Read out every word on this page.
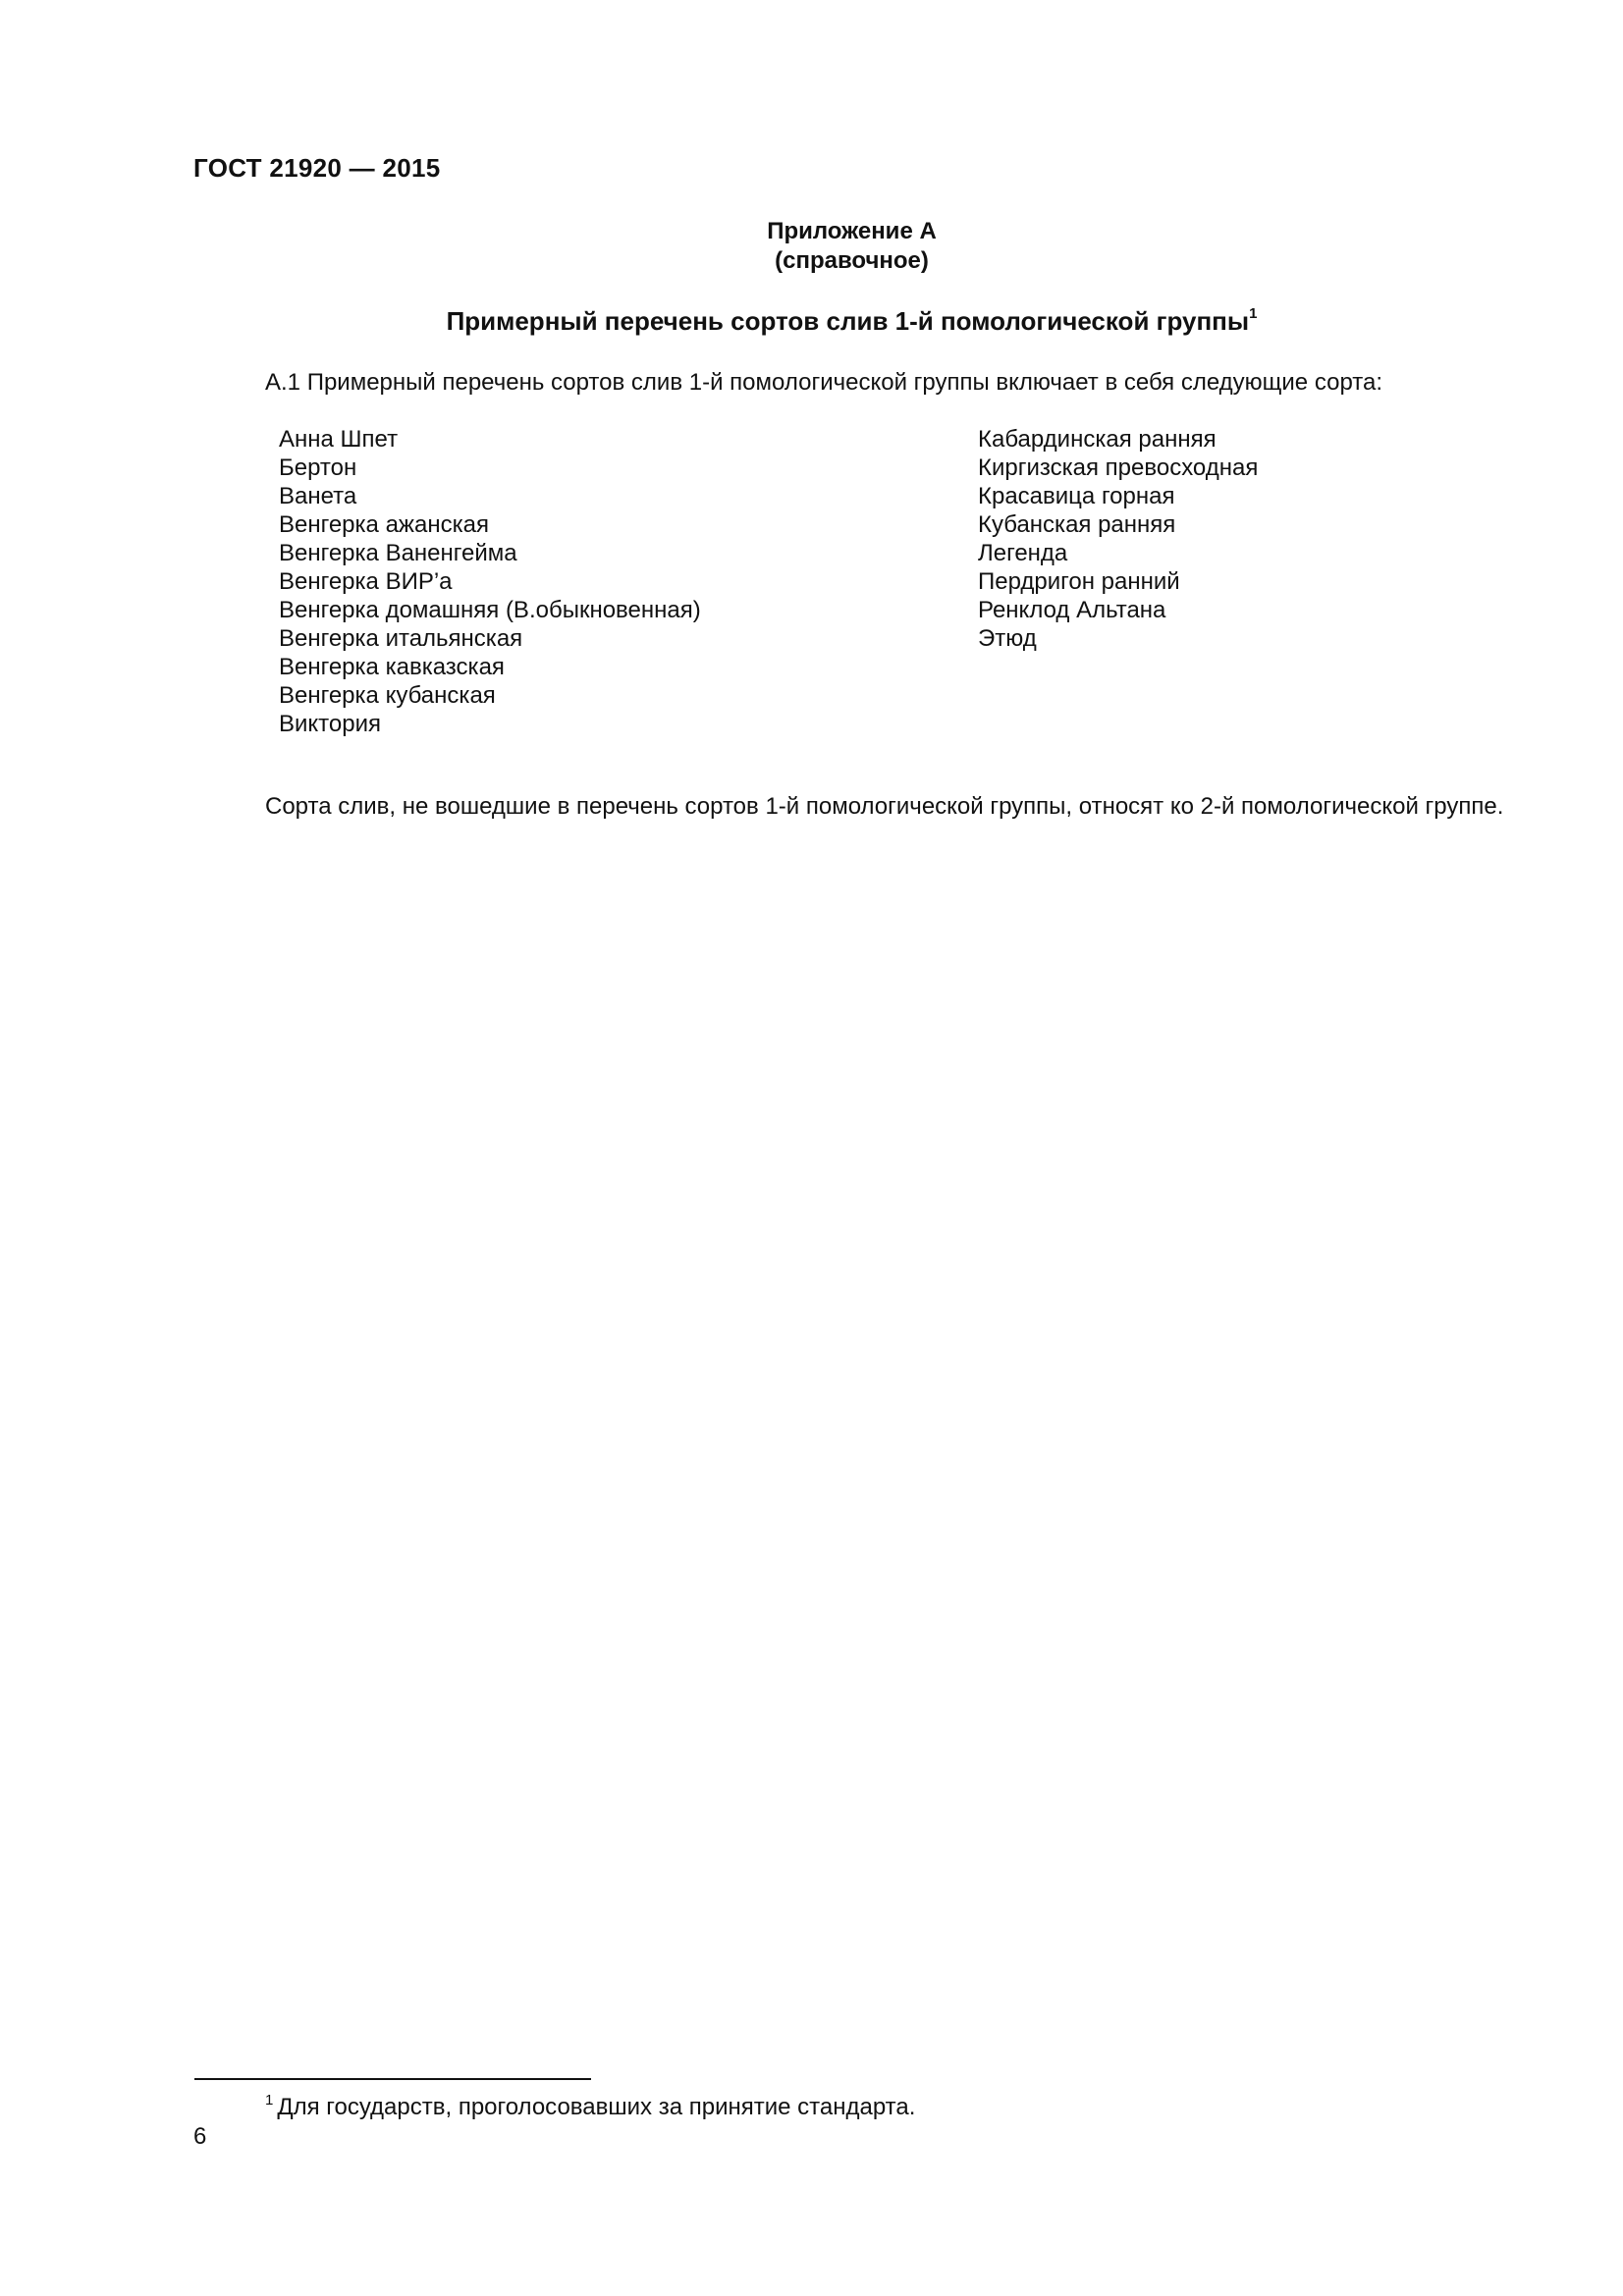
ГОСТ 21920 — 2015
Приложение А
(справочное)
Примерный перечень сортов слив 1-й помологической группы$^1$
А.1 Примерный перечень сортов слив 1-й помологической группы включает в себя следующие сорта:
Анна Шпет
Бертон
Ванета
Венгерка ажанская
Венгерка Ваненгейма
Венгерка ВИР’а
Венгерка домашняя (В.обыкновенная)
Венгерка итальянская
Венгерка кавказская
Венгерка кубанская
Виктория
Кабардинская ранняя
Киргизская превосходная
Красавица горная
Кубанская ранняя
Легенда
Пердригон ранний
Ренклод Альтана
Этюд
Сорта слив, не вошедшие в перечень сортов 1-й помологической группы, относят ко 2-й помологической группе.
$^1$ Для государств, проголосовавших за принятие стандарта.
6
